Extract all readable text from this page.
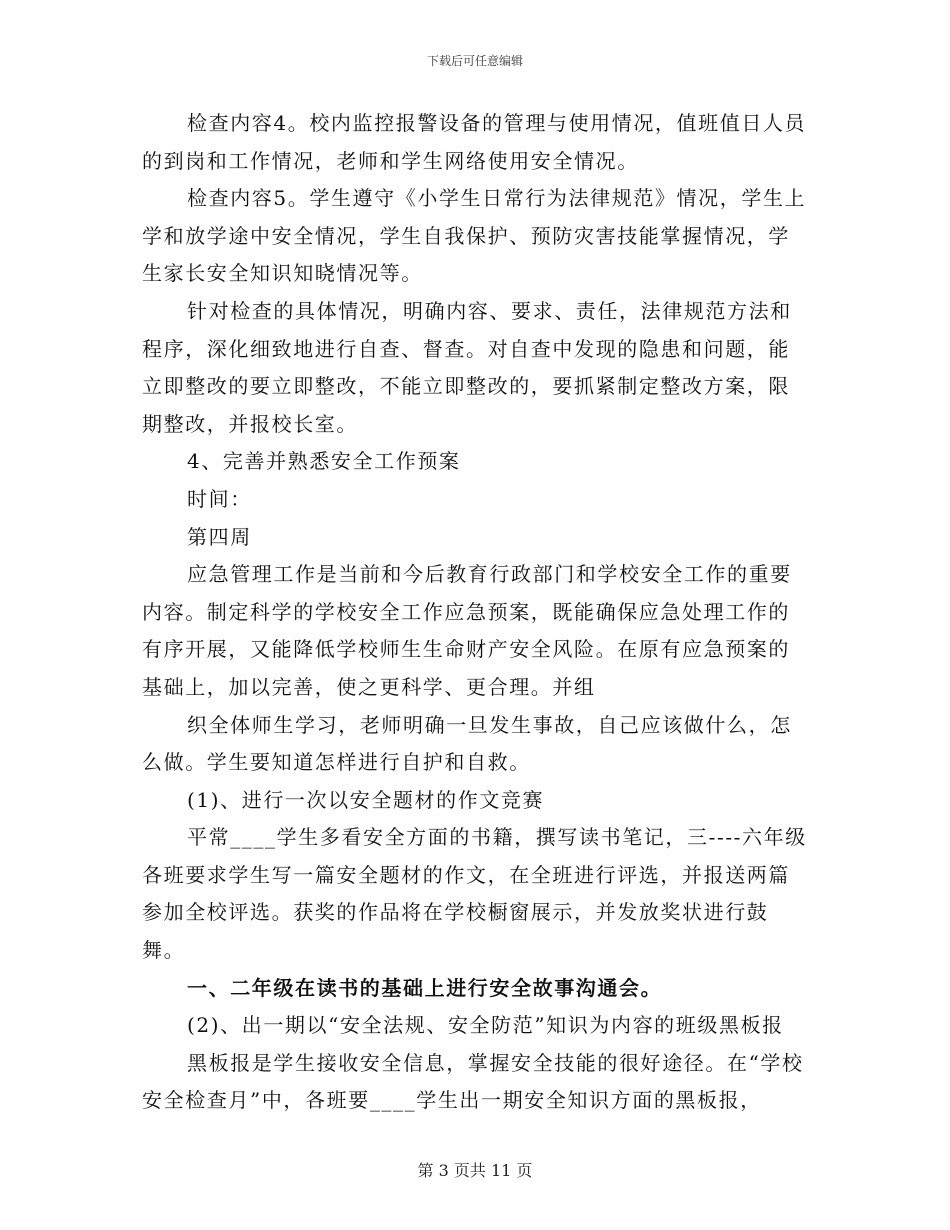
下载后可任意编辑

检查内容4。校内监控报警设备的管理与使用情况，值班值日人员的到岗和工作情况，老师和学生网络使用安全情况。

检查内容5。学生遵守《小学生日常行为法律规范》情况，学生上学和放学途中安全情况，学生自我保护、预防灾害技能掌握情况，学生家长安全知识知晓情况等。

针对检查的具体情况，明确内容、要求、责任，法律规范方法和程序，深化细致地进行自查、督查。对自查中发现的隐患和问题，能立即整改的要立即整改，不能立即整改的，要抓紧制定整改方案，限期整改，并报校长室。

4、完善并熟悉安全工作预案

时间：

第四周

应急管理工作是当前和今后教育行政部门和学校安全工作的重要内容。制定科学的学校安全工作应急预案，既能确保应急处理工作的有序开展，又能降低学校师生生命财产安全风险。在原有应急预案的基础上，加以完善，使之更科学、更合理。并组

织全体师生学习，老师明确一旦发生事故，自己应该做什么，怎么做。学生要知道怎样进行自护和自救。

(1)、进行一次以安全题材的作文竞赛

平常____学生多看安全方面的书籍，撰写读书笔记，三----六年级各班要求学生写一篇安全题材的作文，在全班进行评选，并报送两篇参加全校评选。获奖的作品将在学校橱窗展示，并发放奖状进行鼓舞。

一、二年级在读书的基础上进行安全故事沟通会。

(2)、出一期以“安全法规、安全防范”知识为内容的班级黑板报

黑板报是学生接收安全信息，掌握安全技能的很好途径。在“学校安全检查月”中，各班要____学生出一期安全知识方面的黑板报，

第 3 页共 11 页
